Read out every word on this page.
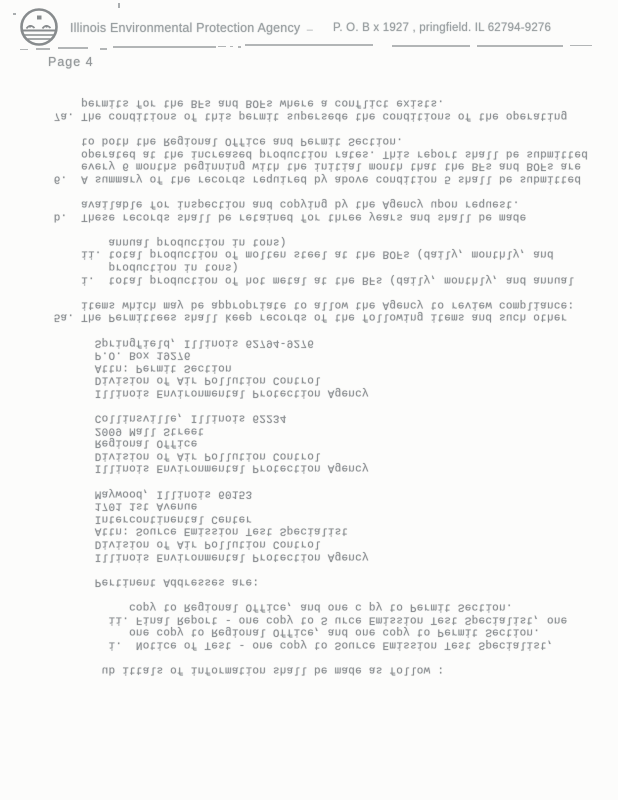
Illinois Environmental Protection Agency
· – P. O. B x 1927 , pringfield. IL 62794-9276
Page 4
ub ittals of information shall be made as follow :

i.  Notice of Test - one copy to Source Emission Test Specialist,
one copy to Regional Office, and one copy to Permit Section.
ii. Final Report - one copy to S urce Emission Test Specialist, one
copy to Regional Office, and one c py to Permit Section.

Pertinent Addresses are:

Illinois Environmental Protection Agency
Division of Air Pollution Control
Attn: Source Emission Test Specialist
Intercontinental Center
1701 1st Avenue
Maywood, Illinois 60153

Illinois Environmental Protection Agency
Division of Air Pollution Control
Regional Office
2009 Mall Street
Collinsville, Illinois 62234

Illinois Environmental Protection Agency
Division of Air Pollution Control
Attn: Permit Section
P.O. Box 19276
Springfield, Illinois 62794-9276

5a. The Permittees shall keep records of the following items and such other
items which may be appropriate to allow the Agency to review compliance:

i.  total production of hot metal at the BFs (daily, monthly, and annual
production in tons)
ii. total production of molten steel at the BOFs (daily, monthly, and
annual production in tons)

b.  These records shall be retained for three years and shall be made
available for inspection and copying by the Agency upon request.

6.  A summary of the records required by above condition 5 shall be submitted
every 6 months beginning with the initial month that the BFs and BOFs are
operated at the increased production rates. This report shall be submitted
to both the Regional Office and Permit Section.

7a. The conditions of this permit supersede the conditions of the operating
permits for the BFs and BOFs where a conflict exists.
